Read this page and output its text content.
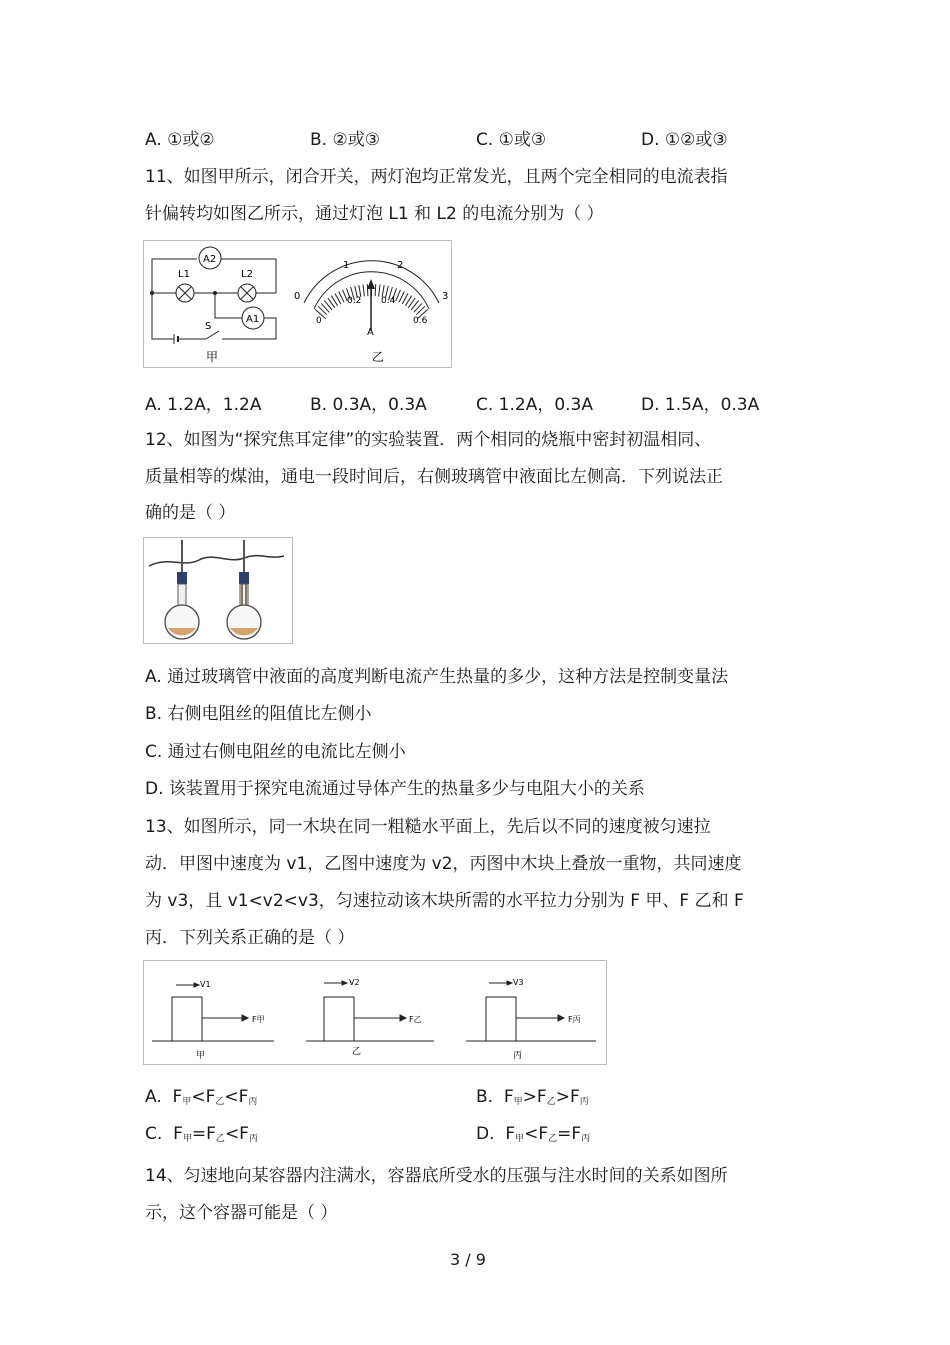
A. ①或②	B. ②或③	C. ①或③	D. ①②或③
11、如图甲所示，闭合开关，两灯泡均正常发光，且两个完全相同的电流表指
针偏转均如图乙所示，通过灯泡 L1 和 L2 的电流分别为（ ）
A2
A1
L1	L2
S
甲
0
1	2
3
0
0.2 0.4
0.6
A
乙
A. 1.2A，1.2A	B. 0.3A，0.3A	C. 1.2A，0.3A	D. 1.5A，0.3A
12、如图为“探究焦耳定律”的实验装置．两个相同的烧瓶中密封初温相同、
质量相等的煤油，通电一段时间后，右侧玻璃管中液面比左侧高．下列说法正
确的是（ ）
A. 通过玻璃管中液面的高度判断电流产生热量的多少，这种方法是控制变量法
B. 右侧电阻丝的阻值比左侧小
C. 通过右侧电阻丝的电流比左侧小
D. 该装置用于探究电流通过导体产生的热量多少与电阻大小的关系
13、如图所示，同一木块在同一粗糙水平面上，先后以不同的速度被匀速拉
动．甲图中速度为 v1，乙图中速度为 v2，丙图中木块上叠放一重物，共同速度
为 v3，且 v1<v2<v3，匀速拉动该木块所需的水平拉力分别为 F 甲、F 乙和 F
丙．下列关系正确的是（ ）
V1	V2	V3
F甲	F乙	F丙
甲	乙	丙
A. $F_甲<F_乙<F_丙$	B. $F_甲>F_乙>F_丙$
C. $F_甲=F_乙<F_丙$	D. $F_甲<F_乙=F_丙$
14、匀速地向某容器内注满水，容器底所受水的压强与注水时间的关系如图所
示，这个容器可能是（ ）
3 / 9
